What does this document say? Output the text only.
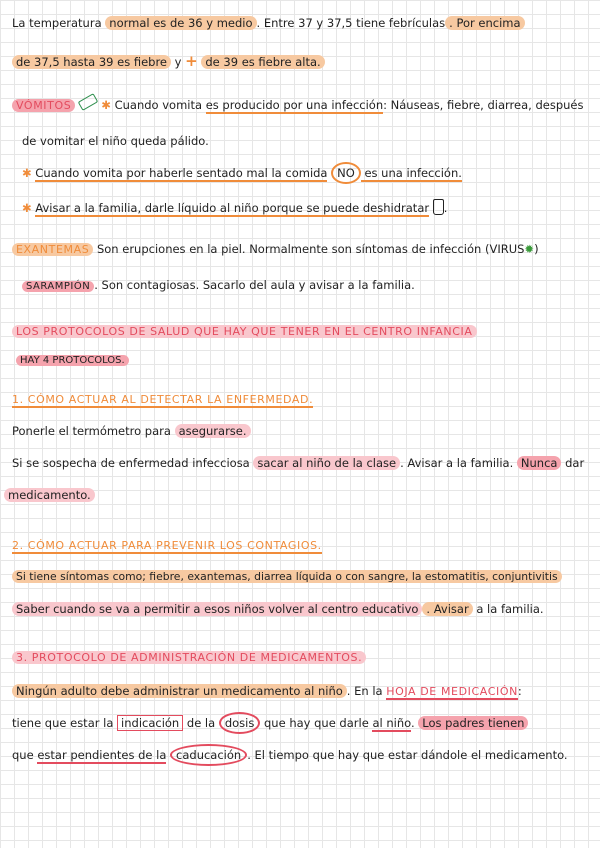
La temperatura normal es de 36 y medio . Entre 37 y 37,5 tiene febrículas . Por encima
de 37,5 hasta 39 es fiebre y + de 39 es fiebre alta.
VÓMITOS	✱ Cuando vomita es producido por una infección: Náuseas, fiebre, diarrea, después
de vomitar el niño queda pálido.
✱ Cuando vomita por haberle sentado mal la comida NO es una infección.
✱ Avisar a la familia, darle líquido al niño porque se puede deshidratar .
EXANTEMAS Son erupciones en la piel. Normalmente son síntomas de infección (VIRUS✹)
SARAMPIÓN . Son contagiosas. Sacarlo del aula y avisar a la familia.
LOS PROTOCOLOS DE SALUD QUE HAY QUE TENER EN EL CENTRO INFANCIA
HAY 4 PROTOCOLOS.
1. CÓMO ACTUAR AL DETECTAR LA ENFERMEDAD.
Ponerle el termómetro para asegurarse.
Si se sospecha de enfermedad infecciosa sacar al niño de la clase . Avisar a la familia. Nunca dar
medicamento.
2. CÓMO ACTUAR PARA PREVENIR LOS CONTAGIOS.
Si tiene síntomas como; fiebre, exantemas, diarrea líquida o con sangre, la estomatitis, conjuntivitis
Saber cuando se va a permitir a esos niños volver al centro educativo . Avisar a la familia.
3. PROTOCOLO DE ADMINISTRACIÓN DE MEDICAMENTOS.
Ningún adulto debe administrar un medicamento al niño . En la HOJA DE MEDICACIÓN:
tiene que estar la indicación de la dosis que hay que darle al niño. Los padres tienen
que estar pendientes de la caducación . El tiempo que hay que estar dándole el medicamento.
